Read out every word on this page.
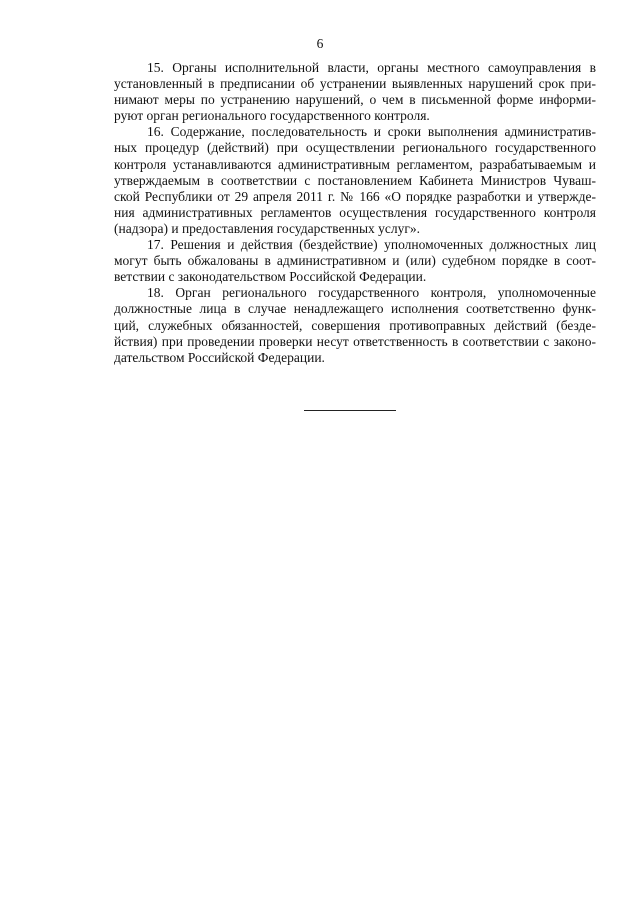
6
15. Органы исполнительной власти, органы местного самоуправления в
установленный в предписании об устранении выявленных нарушений срок при-
нимают меры по устранению нарушений, о чем в письменной форме информи-
руют орган регионального государственного контроля.
16. Содержание, последовательность и сроки выполнения административ-
ных процедур (действий) при осуществлении регионального государственного
контроля устанавливаются административным регламентом, разрабатываемым и
утверждаемым в соответствии с постановлением Кабинета Министров Чуваш-
ской Республики от 29 апреля 2011 г. № 166 «О порядке разработки и утвержде-
ния административных регламентов осуществления государственного контроля
(надзора) и предоставления государственных услуг».
17. Решения и действия (бездействие) уполномоченных должностных лиц
могут быть обжалованы в административном и (или) судебном порядке в соот-
ветствии с законодательством Российской Федерации.
18. Орган регионального государственного контроля, уполномоченные
должностные лица в случае ненадлежащего исполнения соответственно функ-
ций, служебных обязанностей, совершения противоправных действий (безде-
йствия) при проведении проверки несут ответственность в соответствии с законо-
дательством Российской Федерации.
